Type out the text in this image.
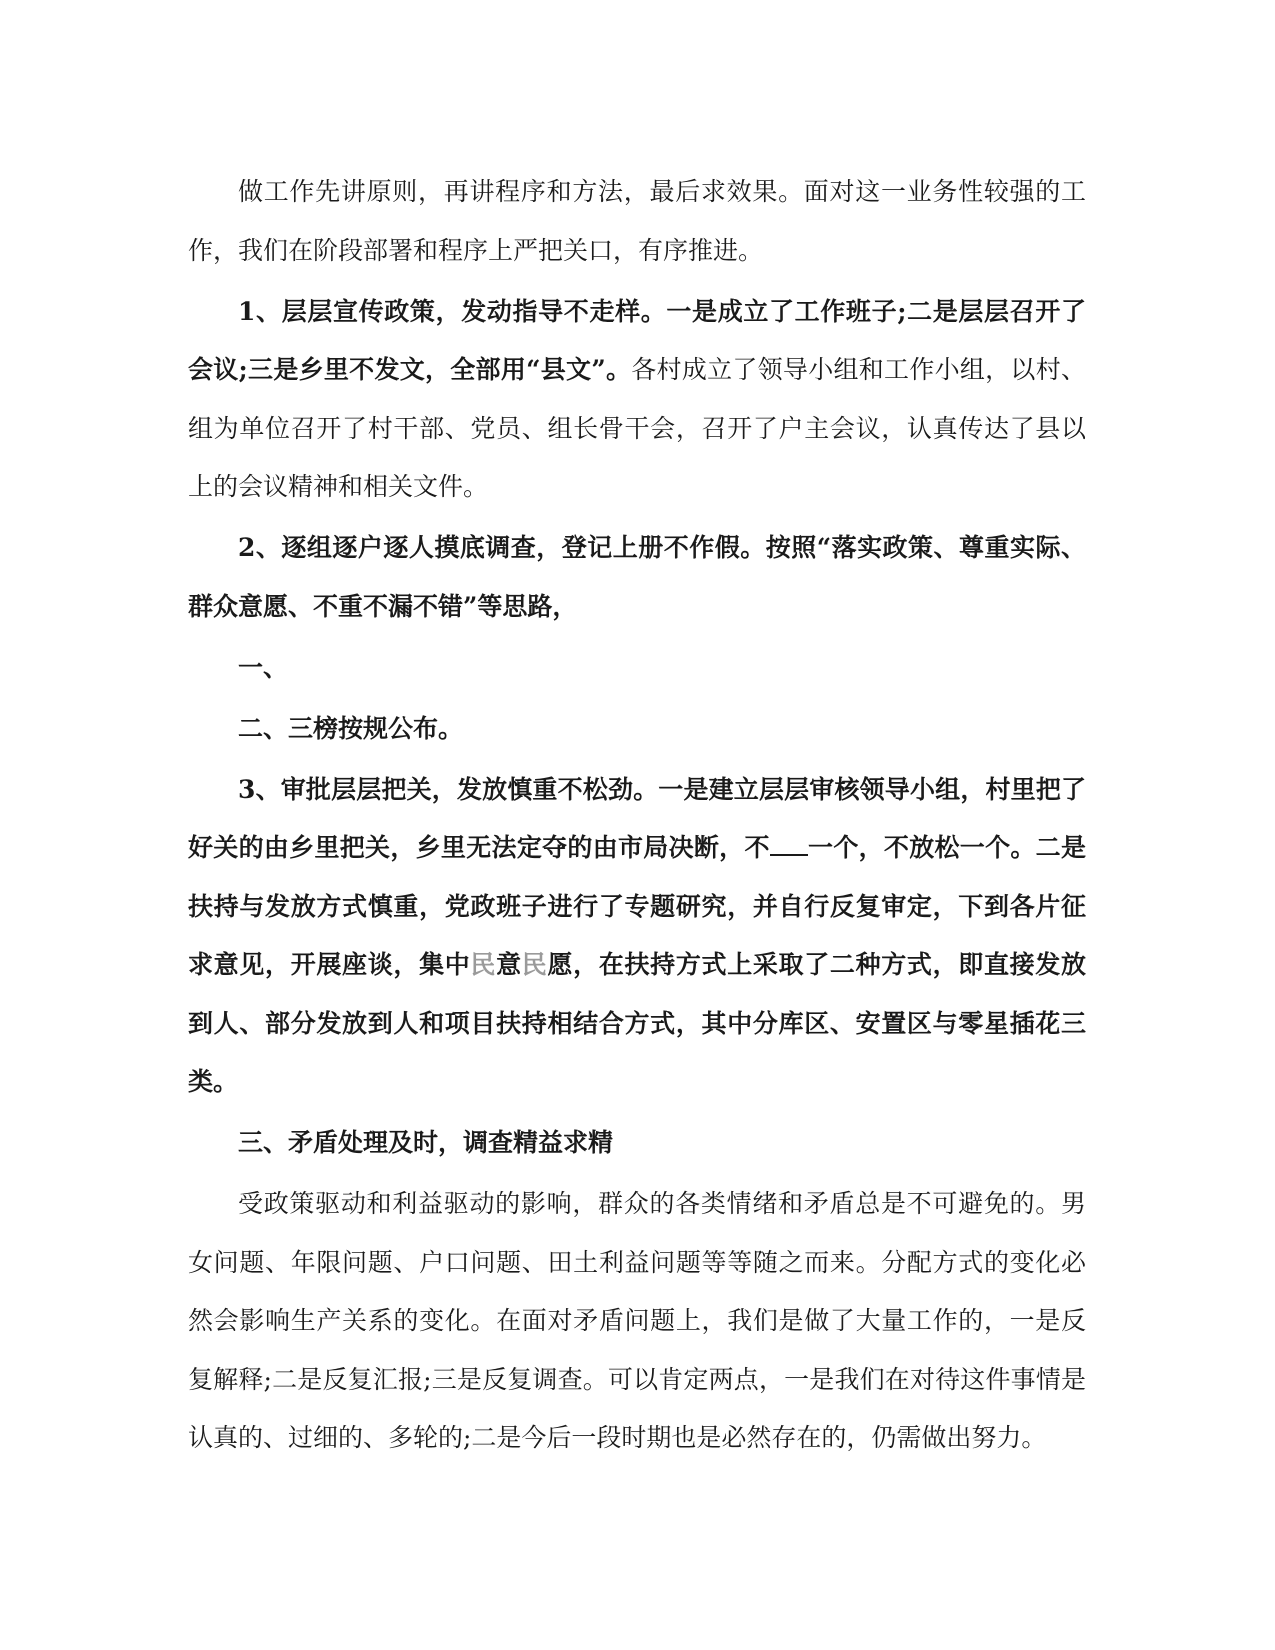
做工作先讲原则，再讲程序和方法，最后求效果。面对这一业务性较强的工作，我们在阶段部署和程序上严把关口，有序推进。

1、层层宣传政策，发动指导不走样。一是成立了工作班子;二是层层召开了会议;三是乡里不发文，全部用“县文”。各村成立了领导小组和工作小组，以村、组为单位召开了村干部、党员、组长骨干会，召开了户主会议，认真传达了县以上的会议精神和相关文件。

2、逐组逐户逐人摸底调查，登记上册不作假。按照“落实政策、尊重实际、群众意愿、不重不漏不错”等思路，

一、

二、三榜按规公布。

3、审批层层把关，发放慎重不松劲。一是建立层层审核领导小组，村里把了好关的由乡里把关，乡里无法定夺的由市局决断，不 一个，不放松一个。二是扶持与发放方式慎重，党政班子进行了专题研究，并自行反复审定，下到各片征求意见，开展座谈，集中民意民愿，在扶持方式上采取了二种方式，即直接发放到人、部分发放到人和项目扶持相结合方式，其中分库区、安置区与零星插花三类。

三、矛盾处理及时，调查精益求精

受政策驱动和利益驱动的影响，群众的各类情绪和矛盾总是不可避免的。男女问题、年限问题、户口问题、田土利益问题等等随之而来。分配方式的变化必然会影响生产关系的变化。在面对矛盾问题上，我们是做了大量工作的，一是反复解释;二是反复汇报;三是反复调查。可以肯定两点，一是我们在对待这件事情是认真的、过细的、多轮的;二是今后一段时期也是必然存在的，仍需做出努力。
